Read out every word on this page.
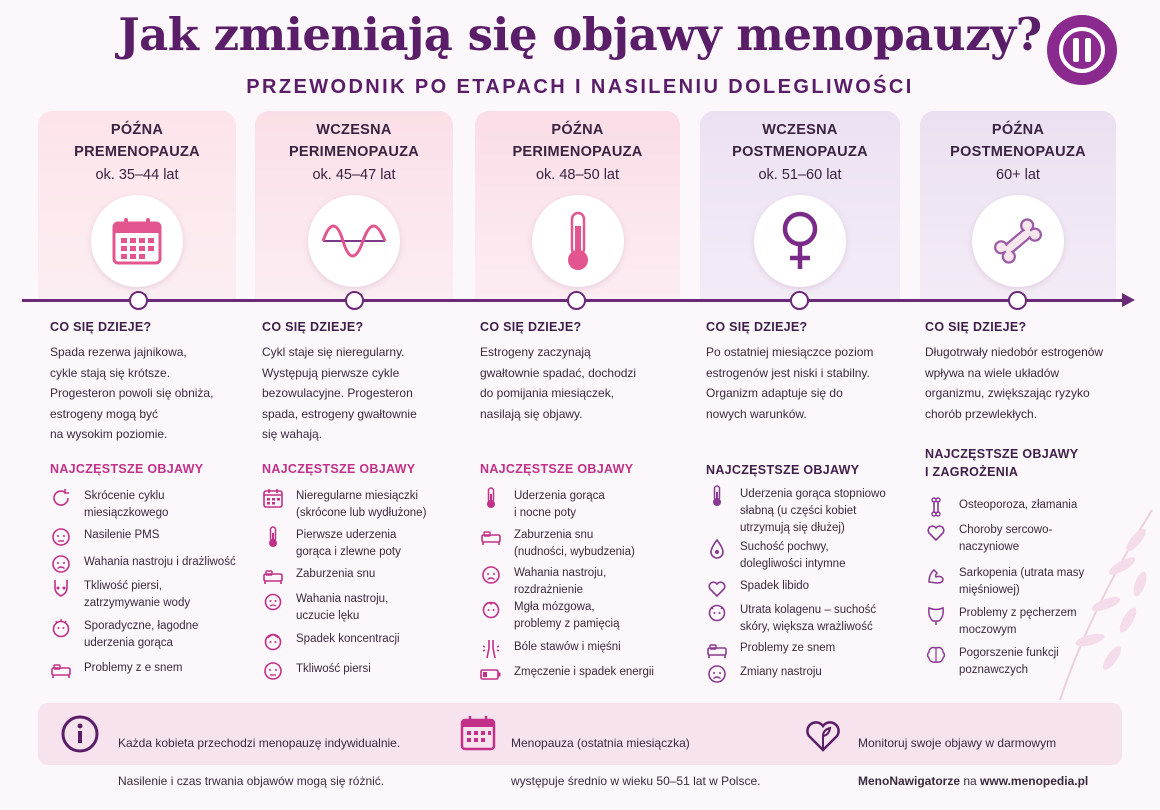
Jak zmieniają się objawy menopauzy?
PRZEWODNIK PO ETAPACH I NASILENIU DOLEGLIWOŚCI
PÓŹNA
PREMENOPAUZA
ok. 35–44 lat
WCZESNA
PERIMENOPAUZA
ok. 45–47 lat
PÓŹNA
PERIMENOPAUZA
ok. 48–50 lat
WCZESNA
POSTMENOPAUZA
ok. 51–60 lat
PÓŹNA
POSTMENOPAUZA
60+ lat
CO SIĘ DZIEJE?
Spada rezerwa jajnikowa,
cykle stają się krótsze.
Progesteron powoli się obniża,
estrogeny mogą być
na wysokim poziomie.
NAJCZĘSTSZE OBJAWY
Skrócenie cyklu
miesiączkowego
Nasilenie PMS
Wahania nastroju i drażliwość
Tkliwość piersi,
zatrzymywanie wody
Sporadyczne, łagodne
uderzenia gorąca
Problemy z e snem
CO SIĘ DZIEJE?
Cykl staje się nieregularny.
Występują pierwsze cykle
bezowulacyjne. Progesteron
spada, estrogeny gwałtownie
się wahają.
NAJCZĘSTSZE OBJAWY
Nieregularne miesiączki
(skrócone lub wydłużone)
Pierwsze uderzenia
gorąca i zlewne poty
Zaburzenia snu
Wahania nastroju,
uczucie lęku
Spadek koncentracji
Tkliwość piersi
CO SIĘ DZIEJE?
Estrogeny zaczynają
gwałtownie spadać, dochodzi
do pomijania miesiączek,
nasilają się objawy.
NAJCZĘSTSZE OBJAWY
Uderzenia gorąca
i nocne poty
Zaburzenia snu
(nudności, wybudzenia)
Wahania nastroju,
rozdrażnienie
Mgła mózgowa,
problemy z pamięcią
Bóle stawów i mięśni
Zmęczenie i spadek energii
CO SIĘ DZIEJE?
Po ostatniej miesiączce poziom
estrogenów jest niski i stabilny.
Organizm adaptuje się do
nowych warunków.
NAJCZĘSTSZE OBJAWY
Uderzenia gorąca stopniowo
słabną (u części kobiet
utrzymują się dłużej)
Suchość pochwy,
dolegliwości intymne
Spadek libido
Utrata kolagenu – suchość
skóry, większa wrażliwość
Problemy ze snem
Zmiany nastroju
CO SIĘ DZIEJE?
Długotrwały niedobór estrogenów
wpływa na wiele układów
organizmu, zwiększając ryzyko
chorób przewlekłych.
NAJCZĘSTSZE OBJAWY
I ZAGROŻENIA
Osteoporoza, złamania
Choroby sercowo-
naczyniowe
Sarkopenia (utrata masy
mięśniowej)
Problemy z pęcherzem
moczowym
Pogorszenie funkcji
poznawczych

Każda kobieta przechodzi menopauzę indywidualnie.

Nasilenie i czas trwania objawów mogą się różnić.

Menopauza (ostatnia miesiączka)

występuje średnio w wieku 50–51 lat w Polsce.

Monitoruj swoje objawy w darmowym

MenoNawigatorze na www.menopedia.pl
